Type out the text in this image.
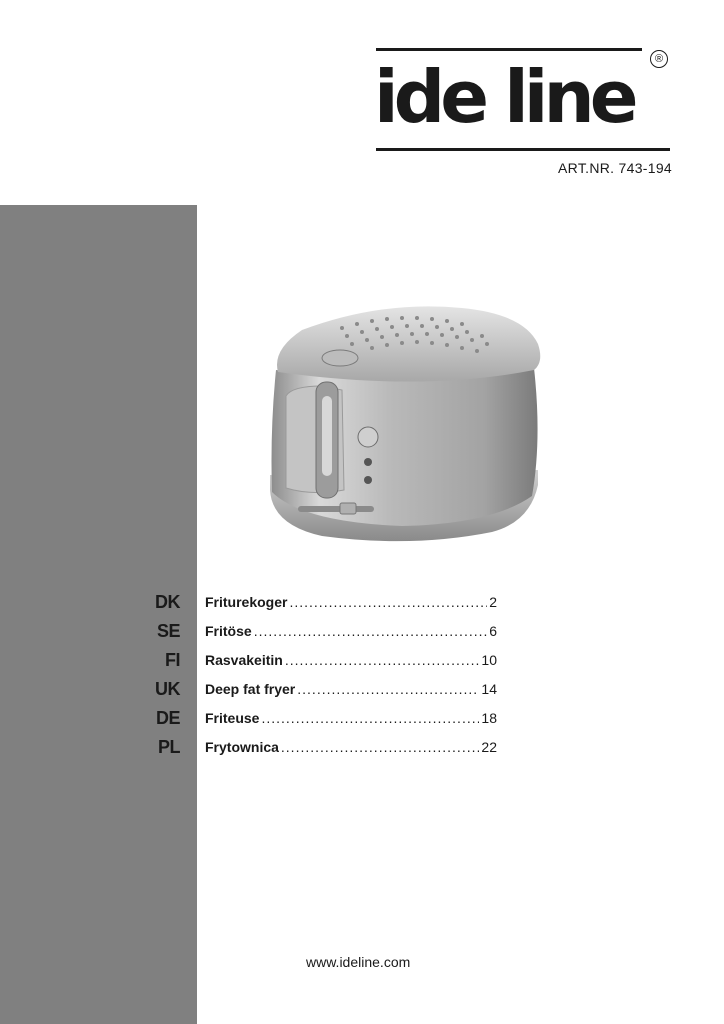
ide line	®
ART.NR. 743-194
DK Friturekoger .....	2
SE Fritöse .....	6
FI Rasvakeitin .....	10
UK Deep fat fryer .....	14
DE Friteuse .....	18
PL Frytownica .....	22
www.ideline.com
